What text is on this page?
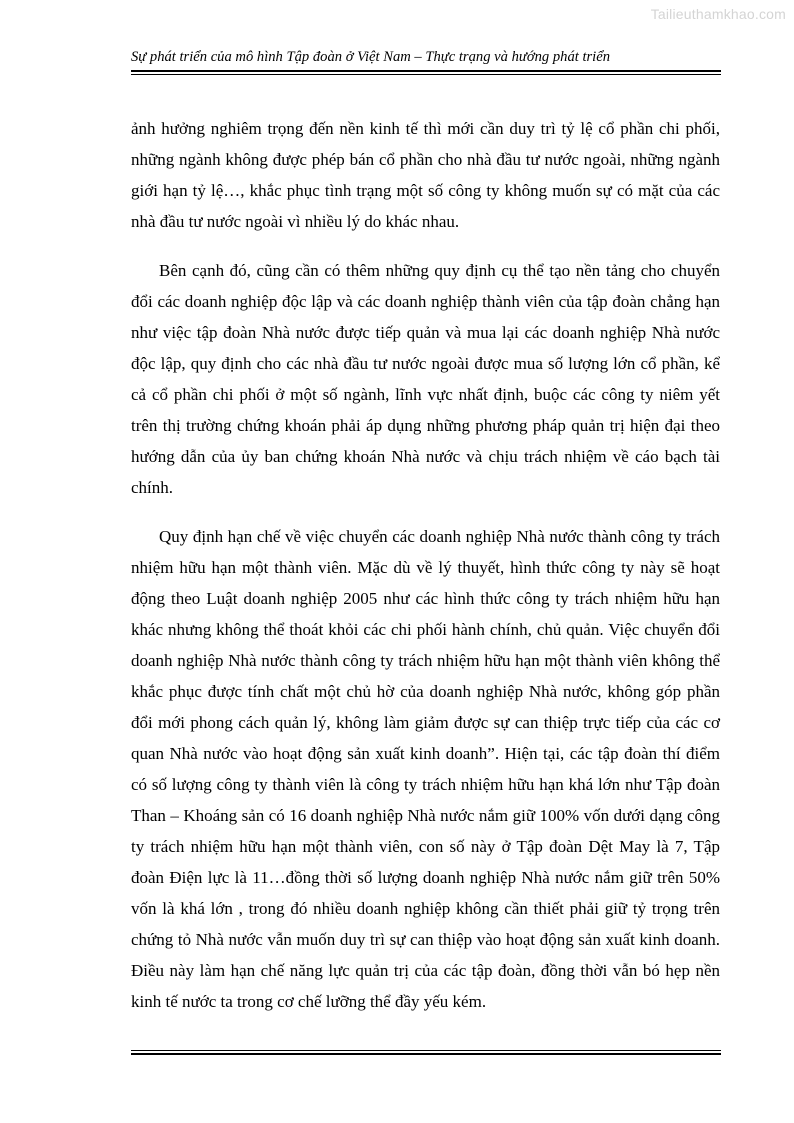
Tailieuthamkhao.com
Sự phát triển của mô hình Tập đoàn ở Việt Nam – Thực trạng và hướng phát triển

ảnh hưởng nghiêm trọng đến nền kinh tế thì mới cần duy trì tỷ lệ cổ phần chi phối, những ngành không được phép bán cổ phần cho nhà đầu tư nước ngoài, những ngành giới hạn tỷ lệ…, khắc phục tình trạng một số công ty không muốn sự có mặt của các nhà đầu tư nước ngoài vì nhiều lý do khác nhau.

Bên cạnh đó, cũng cần có thêm những quy định cụ thể tạo nền tảng cho chuyển đổi các doanh nghiệp độc lập và các doanh nghiệp thành viên của tập đoàn chẳng hạn như việc tập đoàn Nhà nước được tiếp quản và mua lại các doanh nghiệp Nhà nước độc lập, quy định cho các nhà đầu tư nước ngoài được mua số lượng lớn cổ phần, kể cả cổ phần chi phối ở một số ngành, lĩnh vực nhất định, buộc các công ty niêm yết trên thị trường chứng khoán phải áp dụng những phương pháp quản trị hiện đại theo hướng dẫn của ủy ban chứng khoán Nhà nước và chịu trách nhiệm về cáo bạch tài chính.

Quy định hạn chế về việc chuyển các doanh nghiệp Nhà nước thành công ty trách nhiệm hữu hạn một thành viên. Mặc dù về lý thuyết, hình thức công ty này sẽ hoạt động theo Luật doanh nghiệp 2005 như các hình thức công ty trách nhiệm hữu hạn khác nhưng không thể thoát khỏi các chi phối hành chính, chủ quản. Việc chuyển đổi doanh nghiệp Nhà nước thành công ty trách nhiệm hữu hạn một thành viên không thể khắc phục được tính chất một chủ hờ của doanh nghiệp Nhà nước, không góp phần đổi mới phong cách quản lý, không làm giảm được sự can thiệp trực tiếp của các cơ quan Nhà nước vào hoạt động sản xuất kinh doanh”. Hiện tại, các tập đoàn thí điểm có số lượng công ty thành viên là công ty trách nhiệm hữu hạn khá lớn như Tập đoàn Than – Khoáng sản có 16 doanh nghiệp Nhà nước nắm giữ 100% vốn dưới dạng công ty trách nhiệm hữu hạn một thành viên, con số này ở Tập đoàn Dệt May là 7, Tập đoàn Điện lực là 11…đồng thời số lượng doanh nghiệp Nhà nước nắm giữ trên 50% vốn là khá lớn , trong đó nhiều doanh nghiệp không cần thiết phải giữ tỷ trọng trên chứng tỏ Nhà nước vẫn muốn duy trì sự can thiệp vào hoạt động sản xuất kinh doanh. Điều này làm hạn chế năng lực quản trị của các tập đoàn, đồng thời vẫn bó hẹp nền kinh tế nước ta trong cơ chế lưỡng thể đầy yếu kém.
